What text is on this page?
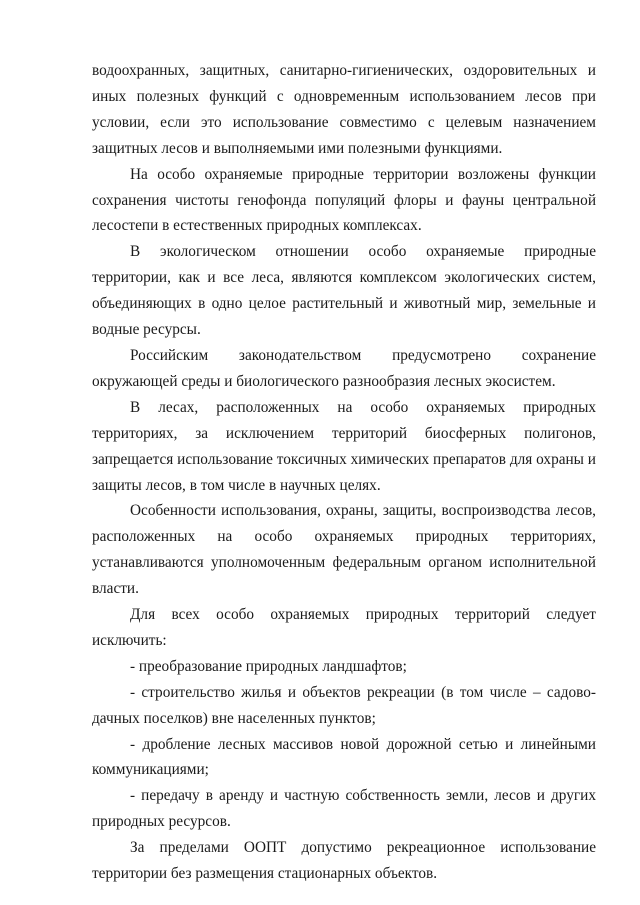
водоохранных, защитных, санитарно-гигиенических, оздоровительных и иных полезных функций с одновременным использованием лесов при условии, если это использование совместимо с целевым назначением защитных лесов и выполняемыми ими полезными функциями.

На особо охраняемые природные территории возложены функции сохранения чистоты генофонда популяций флоры и фауны центральной лесостепи в естественных природных комплексах.

В экологическом отношении особо охраняемые природные территории, как и все леса, являются комплексом экологических систем, объединяющих в одно целое растительный и животный мир, земельные и водные ресурсы.

Российским законодательством предусмотрено сохранение окружающей среды и биологического разнообразия лесных экосистем.

В лесах, расположенных на особо охраняемых природных территориях, за исключением территорий биосферных полигонов, запрещается использование токсичных химических препаратов для охраны и защиты лесов, в том числе в научных целях.

Особенности использования, охраны, защиты, воспроизводства лесов, расположенных на особо охраняемых природных территориях, устанавливаются уполномоченным федеральным органом исполнительной власти.

Для всех особо охраняемых природных территорий следует исключить:

- преобразование природных ландшафтов;

- строительство жилья и объектов рекреации (в том числе – садово-дачных поселков) вне населенных пунктов;

- дробление лесных массивов новой дорожной сетью и линейными коммуникациями;

- передачу в аренду и частную собственность земли, лесов и других природных ресурсов.

За пределами ООПТ допустимо рекреационное использование территории без размещения стационарных объектов.
